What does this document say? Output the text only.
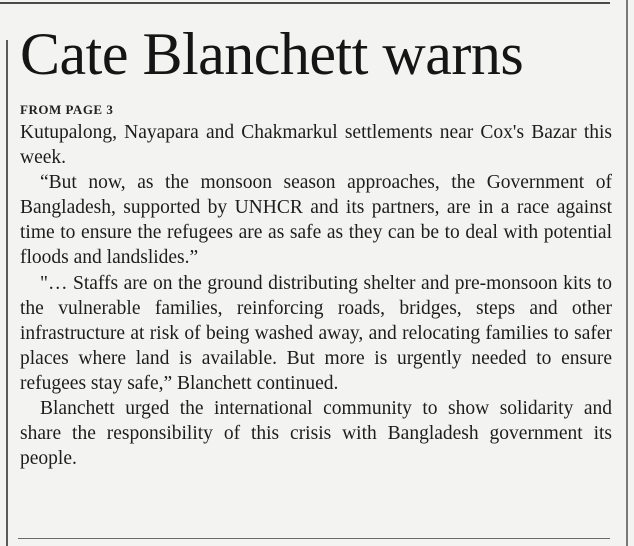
Cate Blanchett warns
FROM PAGE 3

Kutupalong, Nayapara and Chakmarkul settlements near Cox's Bazar this week.

“But now, as the monsoon season approaches, the Government of Bangladesh, supported by UNHCR and its partners, are in a race against time to ensure the refugees are as safe as they can be to deal with potential floods and landslides.”

"… Staffs are on the ground distributing shelter and pre-monsoon kits to the vulnerable families, reinforcing roads, bridges, steps and other infrastructure at risk of being washed away, and relocating families to safer places where land is available. But more is urgently needed to ensure refugees stay safe,” Blanchett continued.

Blanchett urged the international community to show solidarity and share the responsibility of this crisis with Bangladesh government its people.
